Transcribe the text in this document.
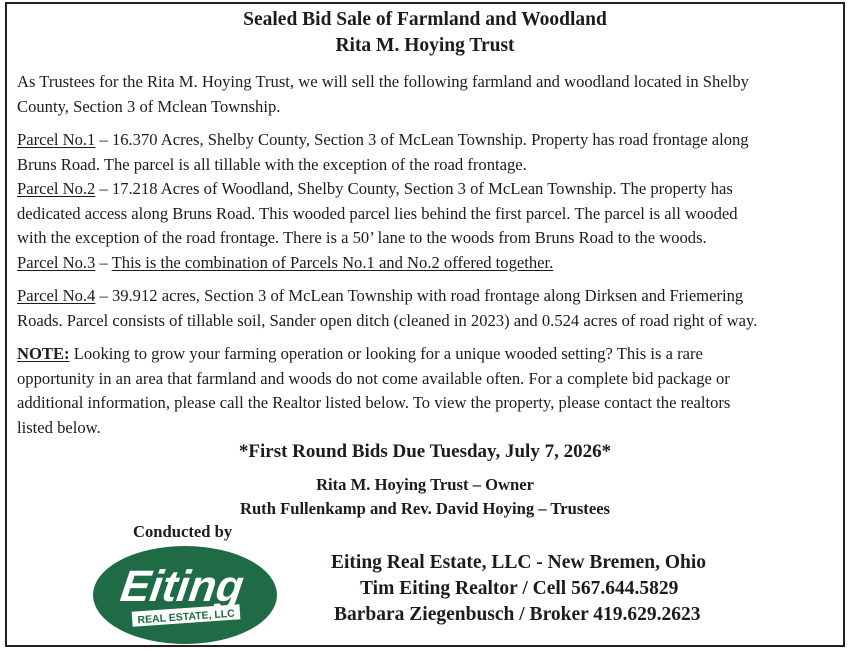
Sealed Bid Sale of Farmland and Woodland
Rita M. Hoying Trust
As Trustees for the Rita M. Hoying Trust, we will sell the following farmland and woodland located in Shelby
County, Section 3 of Mclean Township.
Parcel No.1 – 16.370 Acres, Shelby County, Section 3 of McLean Township. Property has road frontage along
Bruns Road. The parcel is all tillable with the exception of the road frontage.
Parcel No.2 – 17.218 Acres of Woodland, Shelby County, Section 3 of McLean Township. The property has
dedicated access along Bruns Road. This wooded parcel lies behind the first parcel. The parcel is all wooded
with the exception of the road frontage. There is a 50’ lane to the woods from Bruns Road to the woods.
Parcel No.3 – This is the combination of Parcels No.1 and No.2 offered together.
Parcel No.4 – 39.912 acres, Section 3 of McLean Township with road frontage along Dirksen and Friemering
Roads. Parcel consists of tillable soil, Sander open ditch (cleaned in 2023) and 0.524 acres of road right of way.
NOTE: Looking to grow your farming operation or looking for a unique wooded setting? This is a rare
opportunity in an area that farmland and woods do not come available often. For a complete bid package or
additional information, please call the Realtor listed below. To view the property, please contact the realtors
listed below.
*First Round Bids Due Tuesday, July 7, 2026*
Rita M. Hoying Trust – Owner
Ruth Fullenkamp and Rev. David Hoying – Trustees
Conducted by
Eiting
REAL ESTATE, LLC
Eiting Real Estate, LLC - New Bremen, Ohio
Tim Eiting Realtor / Cell 567.644.5829
Barbara Ziegenbusch / Broker 419.629.2623
